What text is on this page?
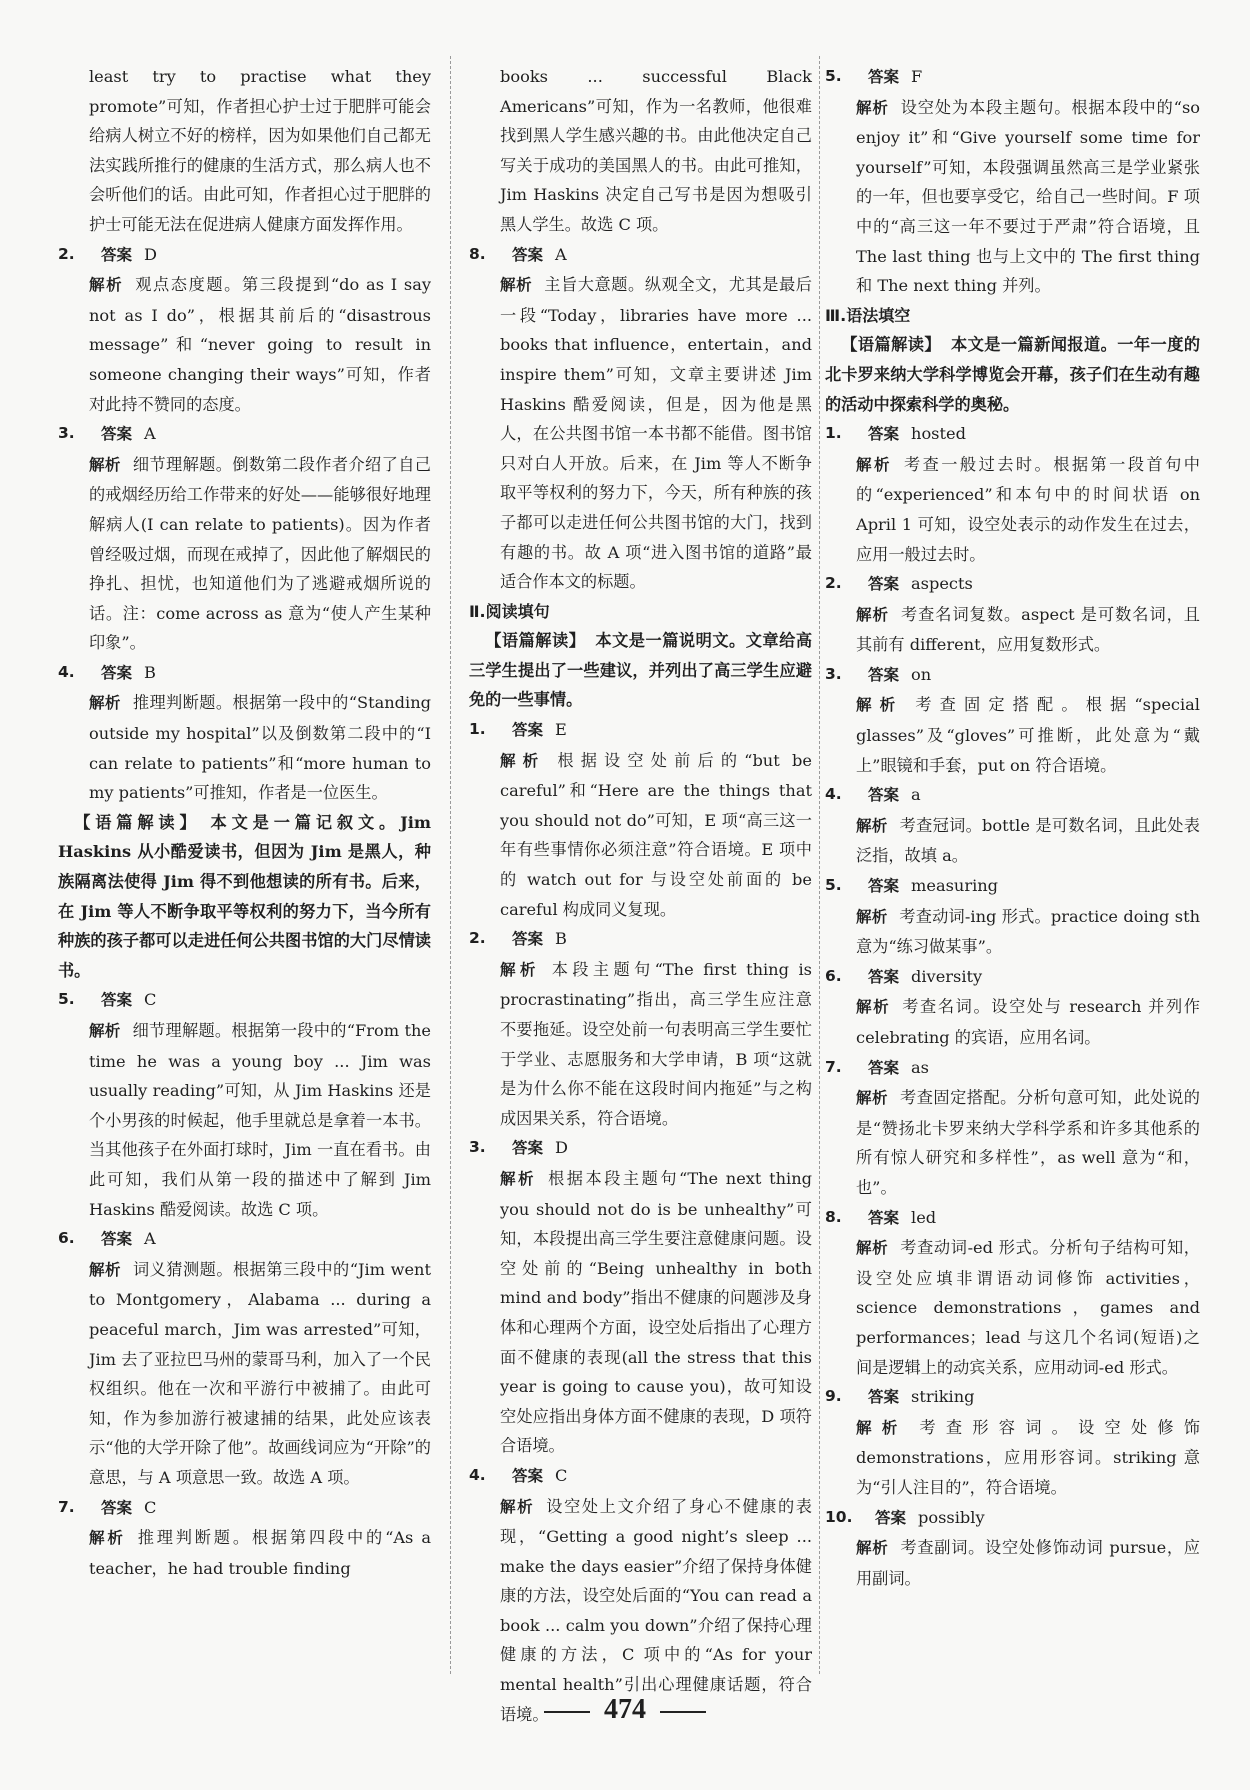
least try to practise what they promote”可知，作者担心护士过于肥胖可能会给病人树立不好的榜样，因为如果他们自己都无法实践所推行的健康的生活方式，那么病人也不会听他们的话。由此可知，作者担心过于肥胖的护士可能无法在促进病人健康方面发挥作用。

2.	答案 D

解析 观点态度题。第三段提到“do as I say not as I do”，根据其前后的“disastrous message”和“never going to result in someone changing their ways”可知，作者对此持不赞同的态度。

3.	答案 A

解析 细节理解题。倒数第二段作者介绍了自己的戒烟经历给工作带来的好处——能够很好地理解病人(I can relate to patients)。因为作者曾经吸过烟，而现在戒掉了，因此他了解烟民的挣扎、担忧，也知道他们为了逃避戒烟所说的话。注：come across as 意为“使人产生某种印象”。

4.	答案 B

解析 推理判断题。根据第一段中的“Standing outside my hospital”以及倒数第二段中的“I can relate to patients”和“more human to my patients”可推知，作者是一位医生。

【语篇解读】 本文是一篇记叙文。Jim Haskins 从小酷爱读书，但因为 Jim 是黑人，种族隔离法使得 Jim 得不到他想读的所有书。后来，在 Jim 等人不断争取平等权利的努力下，当今所有种族的孩子都可以走进任何公共图书馆的大门尽情读书。

5.	答案 C

解析 细节理解题。根据第一段中的“From the time he was a young boy ... Jim was usually reading”可知，从 Jim Haskins 还是个小男孩的时候起，他手里就总是拿着一本书。当其他孩子在外面打球时，Jim 一直在看书。由此可知，我们从第一段的描述中了解到 Jim Haskins 酷爱阅读。故选 C 项。

6.	答案 A

解析 词义猜测题。根据第三段中的“Jim went to Montgomery，Alabama ... during a peaceful march，Jim was arrested”可知，Jim 去了亚拉巴马州的蒙哥马利，加入了一个民权组织。他在一次和平游行中被捕了。由此可知，作为参加游行被逮捕的结果，此处应该表示“他的大学开除了他”。故画线词应为“开除”的意思，与 A 项意思一致。故选 A 项。

7.	答案 C

解析 推理判断题。根据第四段中的“As a teacher，he had trouble finding

books ... successful Black Americans”可知，作为一名教师，他很难找到黑人学生感兴趣的书。由此他决定自己写关于成功的美国黑人的书。由此可推知，Jim Haskins 决定自己写书是因为想吸引黑人学生。故选 C 项。

8.	答案 A

解析 主旨大意题。纵观全文，尤其是最后一段“Today，libraries have more ... books that influence，entertain，and inspire them”可知，文章主要讲述 Jim Haskins 酷爱阅读，但是，因为他是黑人，在公共图书馆一本书都不能借。图书馆只对白人开放。后来，在 Jim 等人不断争取平等权利的努力下，今天，所有种族的孩子都可以走进任何公共图书馆的大门，找到有趣的书。故 A 项“进入图书馆的道路”最适合作本文的标题。

Ⅱ.阅读填句

【语篇解读】 本文是一篇说明文。文章给高三学生提出了一些建议，并列出了高三学生应避免的一些事情。

1.	答案 E

解析 根据设空处前后的“but be careful”和“Here are the things that you should not do”可知，E 项“高三这一年有些事情你必须注意”符合语境。E 项中的 watch out for 与设空处前面的 be careful 构成同义复现。

2.	答案 B

解析 本段主题句“The first thing is procrastinating”指出，高三学生应注意不要拖延。设空处前一句表明高三学生要忙于学业、志愿服务和大学申请，B 项“这就是为什么你不能在这段时间内拖延”与之构成因果关系，符合语境。

3.	答案 D

解析 根据本段主题句“The next thing you should not do is be unhealthy”可知，本段提出高三学生要注意健康问题。设空处前的“Being unhealthy in both mind and body”指出不健康的问题涉及身体和心理两个方面，设空处后指出了心理方面不健康的表现(all the stress that this year is going to cause you)，故可知设空处应指出身体方面不健康的表现，D 项符合语境。

4.	答案 C

解析 设空处上文介绍了身心不健康的表现，“Getting a good night’s sleep ... make the days easier”介绍了保持身体健康的方法，设空处后面的“You can read a book ... calm you down”介绍了保持心理健康的方法，C 项中的“As for your mental health”引出心理健康话题，符合语境。

5.	答案 F

解析 设空处为本段主题句。根据本段中的“so enjoy it”和“Give yourself some time for yourself”可知，本段强调虽然高三是学业紧张的一年，但也要享受它，给自己一些时间。F 项中的“高三这一年不要过于严肃”符合语境，且 The last thing 也与上文中的 The first thing 和 The next thing 并列。

Ⅲ.语法填空

【语篇解读】 本文是一篇新闻报道。一年一度的北卡罗来纳大学科学博览会开幕，孩子们在生动有趣的活动中探索科学的奥秘。

1.	答案 hosted

解析 考查一般过去时。根据第一段首句中的“experienced”和本句中的时间状语 on April 1 可知，设空处表示的动作发生在过去，应用一般过去时。

2.	答案 aspects

解析 考查名词复数。aspect 是可数名词，且其前有 different，应用复数形式。

3.	答案 on

解析 考查固定搭配。根据“special glasses”及“gloves”可推断，此处意为“戴上”眼镜和手套，put on 符合语境。

4.	答案 a

解析 考查冠词。bottle 是可数名词，且此处表泛指，故填 a。

5.	答案 measuring

解析 考查动词-ing 形式。practice doing sth 意为“练习做某事”。

6.	答案 diversity

解析 考查名词。设空处与 research 并列作 celebrating 的宾语，应用名词。

7.	答案 as

解析 考查固定搭配。分析句意可知，此处说的是“赞扬北卡罗来纳大学科学系和许多其他系的所有惊人研究和多样性”，as well 意为“和，也”。

8.	答案 led

解析 考查动词-ed 形式。分析句子结构可知，设空处应填非谓语动词修饰 activities，science demonstrations，games and performances；lead 与这几个名词(短语)之间是逻辑上的动宾关系，应用动词-ed 形式。

9.	答案 striking

解析 考查形容词。设空处修饰 demonstrations，应用形容词。striking 意为“引人注目的”，符合语境。

10.	答案 possibly

解析 考查副词。设空处修饰动词 pursue，应用副词。

474
